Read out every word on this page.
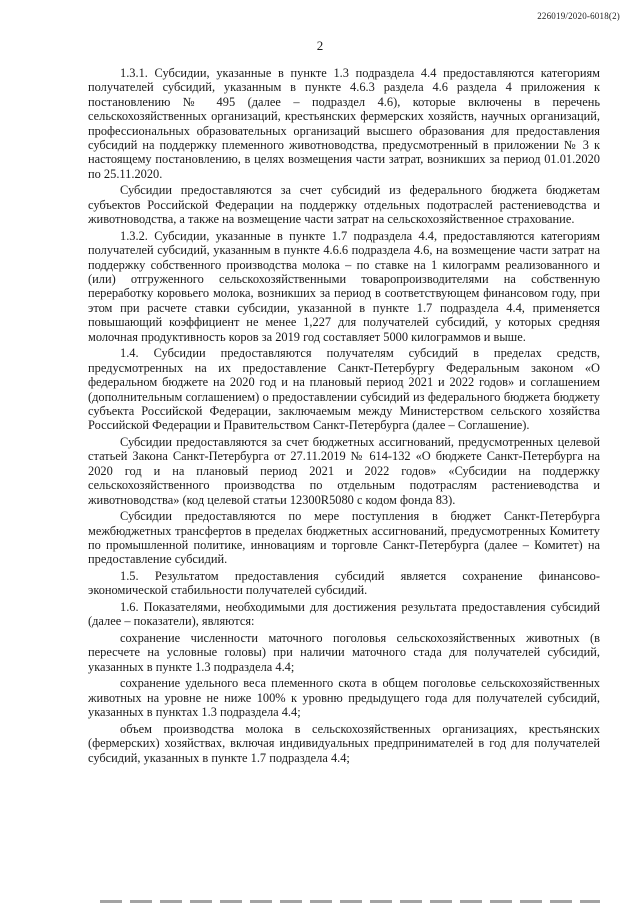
226019/2020-6018(2)
2

1.3.1. Субсидии, указанные в пункте 1.3 подраздела 4.4 предоставляются категориям получателей субсидий, указанным в пункте 4.6.3 раздела 4.6 раздела 4 приложения к постановлению № 495 (далее – подраздел 4.6), которые включены в перечень сельскохозяйственных организаций, крестьянских фермерских хозяйств, научных организаций, профессиональных образовательных организаций высшего образования для предоставления субсидий на поддержку племенного животноводства, предусмотренный в приложении № 3 к настоящему постановлению, в целях возмещения части затрат, возникших за период 01.01.2020 по 25.11.2020.

Субсидии предоставляются за счет субсидий из федерального бюджета бюджетам субъектов Российской Федерации на поддержку отдельных подотраслей растениеводства и животноводства, а также на возмещение части затрат на сельскохозяйственное страхование.

1.3.2. Субсидии, указанные в пункте 1.7 подраздела 4.4, предоставляются категориям получателей субсидий, указанным в пункте 4.6.6 подраздела 4.6, на возмещение части затрат на поддержку собственного производства молока – по ставке на 1 килограмм реализованного и (или) отгруженного сельскохозяйственными товаропроизводителями на собственную переработку коровьего молока, возникших за период в соответствующем финансовом году, при этом при расчете ставки субсидии, указанной в пункте 1.7 подраздела 4.4, применяется повышающий коэффициент не менее 1,227 для получателей субсидий, у которых средняя молочная продуктивность коров за 2019 год составляет 5000 килограммов и выше.

1.4. Субсидии предоставляются получателям субсидий в пределах средств, предусмотренных на их предоставление Санкт-Петербургу Федеральным законом «О федеральном бюджете на 2020 год и на плановый период 2021 и 2022 годов» и соглашением (дополнительным соглашением) о предоставлении субсидий из федерального бюджета бюджету субъекта Российской Федерации, заключаемым между Министерством сельского хозяйства Российской Федерации и Правительством Санкт-Петербурга (далее – Соглашение).

Субсидии предоставляются за счет бюджетных ассигнований, предусмотренных целевой статьей Закона Санкт-Петербурга от 27.11.2019 № 614-132 «О бюджете Санкт-Петербурга на 2020 год и на плановый период 2021 и 2022 годов» «Субсидии на поддержку сельскохозяйственного производства по отдельным подотраслям растениеводства и животноводства» (код целевой статьи 12300R5080 с кодом фонда 83).

Субсидии предоставляются по мере поступления в бюджет Санкт-Петербурга межбюджетных трансфертов в пределах бюджетных ассигнований, предусмотренных Комитету по промышленной политике, инновациям и торговле Санкт-Петербурга (далее – Комитет) на предоставление субсидий.

1.5. Результатом предоставления субсидий является сохранение финансово-экономической стабильности получателей субсидий.

1.6. Показателями, необходимыми для достижения результата предоставления субсидий (далее – показатели), являются:

сохранение численности маточного поголовья сельскохозяйственных животных (в пересчете на условные головы) при наличии маточного стада для получателей субсидий, указанных в пункте 1.3 подраздела 4.4;

сохранение удельного веса племенного скота в общем поголовье сельскохозяйственных животных на уровне не ниже 100% к уровню предыдущего года для получателей субсидий, указанных в пунктах 1.3 подраздела 4.4;

объем производства молока в сельскохозяйственных организациях, крестьянских (фермерских) хозяйствах, включая индивидуальных предпринимателей в год для получателей субсидий, указанных в пункте 1.7 подраздела 4.4;
